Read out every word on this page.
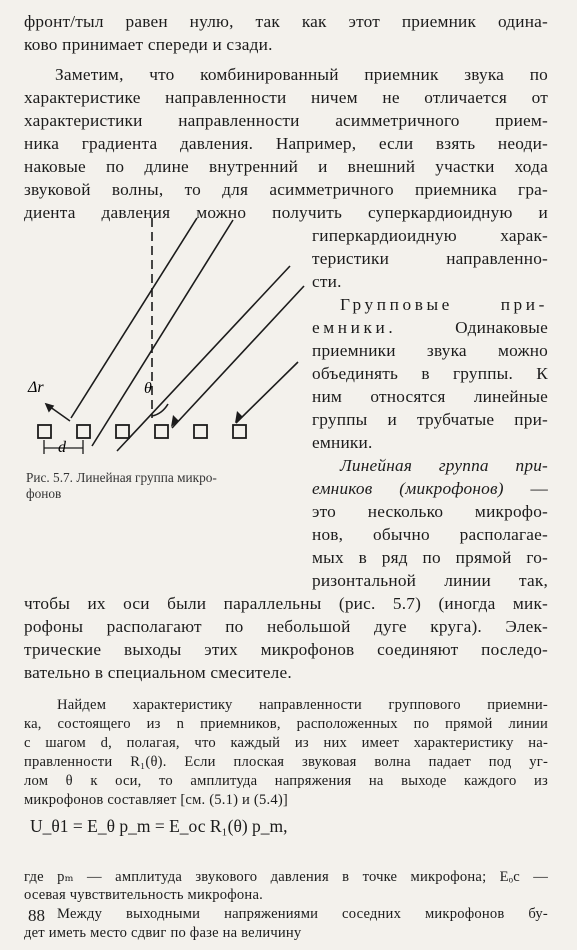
фронт/тыл равен нулю, так как этот приемник одина-
ково принимает спереди и сзади.
Заметим, что комбинированный приемник звука по
характеристике направленности ничем не отличается от
характеристики направленности асимметричного прием-
ника градиента давления. Например, если взять неоди-
наковые по длине внутренний и внешний участки хода
звуковой волны, то для асимметричного приемника гра-
диента давления можно получить суперкардиоидную и
гиперкардиоидную харак-
теристики направленно-
сти.
Групповые при-
емники. Одинаковые
приемники звука можно
объединять в группы. К
ним относятся линейные
группы и трубчатые при-
емники.
Линейная группа при-
емников (микрофонов) —
это несколько микрофо-
нов, обычно располагае-
мых в ряд по прямой го-
ризонтальной линии так,
чтобы их оси были параллельны (рис. 5.7) (иногда мик-
рофоны располагают по небольшой дуге круга). Элек-
трические выходы этих микрофонов соединяют последо-
вательно в специальном смесителе.
Найдем характеристику направленности группового приемни-
ка, состоящего из n приемников, расположенных по прямой линии
с шагом d, полагая, что каждый из них имеет характеристику на-
правленности R₁(θ). Если плоская звуковая волна падает под уг-
лом θ к оси, то амплитуда напряжения на выходе каждого из
микрофонов составляет [см. (5.1) и (5.4)]
где pₘ — амплитуда звукового давления в точке микрофона; Eₒc —
осевая чувствительность микрофона.
Между выходными напряжениями соседних микрофонов бу-
дет иметь место сдвиг по фазе на величину
Δr	θ
d
Рис. 5.7. Линейная группа микро-
фонов
U_θ1 = E_θ p_m = E_ос R₁(θ) p_m,
88
